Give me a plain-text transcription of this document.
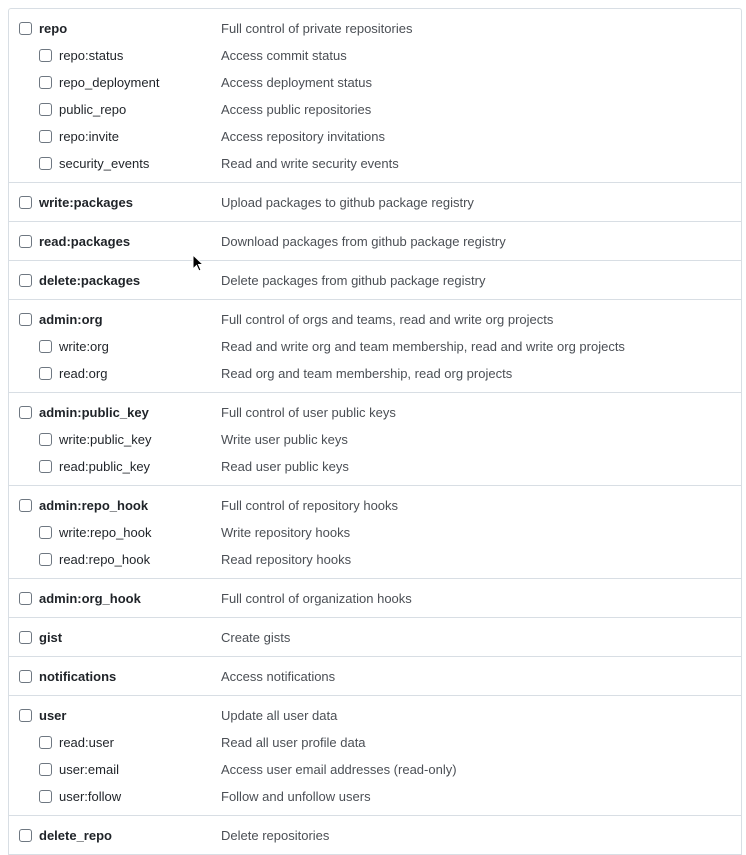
repo	Full control of private repositories
repo:status	Access commit status
repo_deployment	Access deployment status
public_repo	Access public repositories
repo:invite	Access repository invitations
security_events	Read and write security events
write:packages	Upload packages to github package registry
read:packages	Download packages from github package registry
delete:packages	Delete packages from github package registry
admin:org	Full control of orgs and teams, read and write org projects
write:org	Read and write org and team membership, read and write org projects
read:org	Read org and team membership, read org projects
admin:public_key	Full control of user public keys
write:public_key	Write user public keys
read:public_key	Read user public keys
admin:repo_hook	Full control of repository hooks
write:repo_hook	Write repository hooks
read:repo_hook	Read repository hooks
admin:org_hook	Full control of organization hooks
gist	Create gists
notifications	Access notifications
user	Update all user data
read:user	Read all user profile data
user:email	Access user email addresses (read-only)
user:follow	Follow and unfollow users
delete_repo	Delete repositories
